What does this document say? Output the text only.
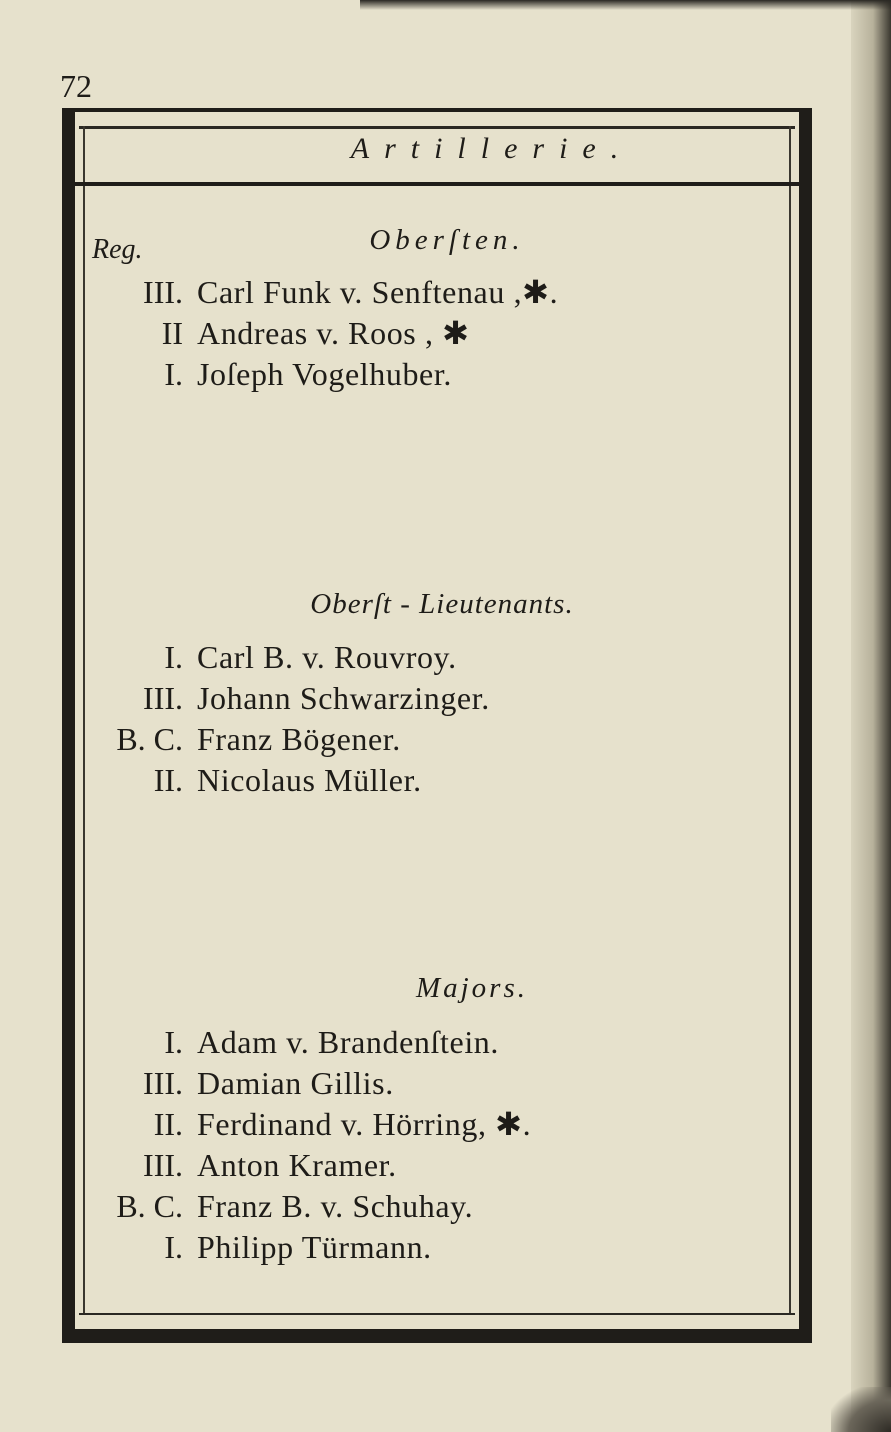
72
Artillerie.
Reg.	Oberſten.
III. Carl Funk v. Senftenau ,✱.
II Andreas v. Roos , ✱
I. Joſeph Vogelhuber.
Oberſt - Lieutenants.
I. Carl B. v. Rouvroy.
III. Johann Schwarzinger.
B. C. Franz Bögener.
II. Nicolaus Müller.
Majors.
I. Adam v. Brandenſtein.
III. Damian Gillis.
II. Ferdinand v. Hörring, ✱.
III. Anton Kramer.
B. C. Franz B. v. Schuhay.
I. Philipp Türmann.
